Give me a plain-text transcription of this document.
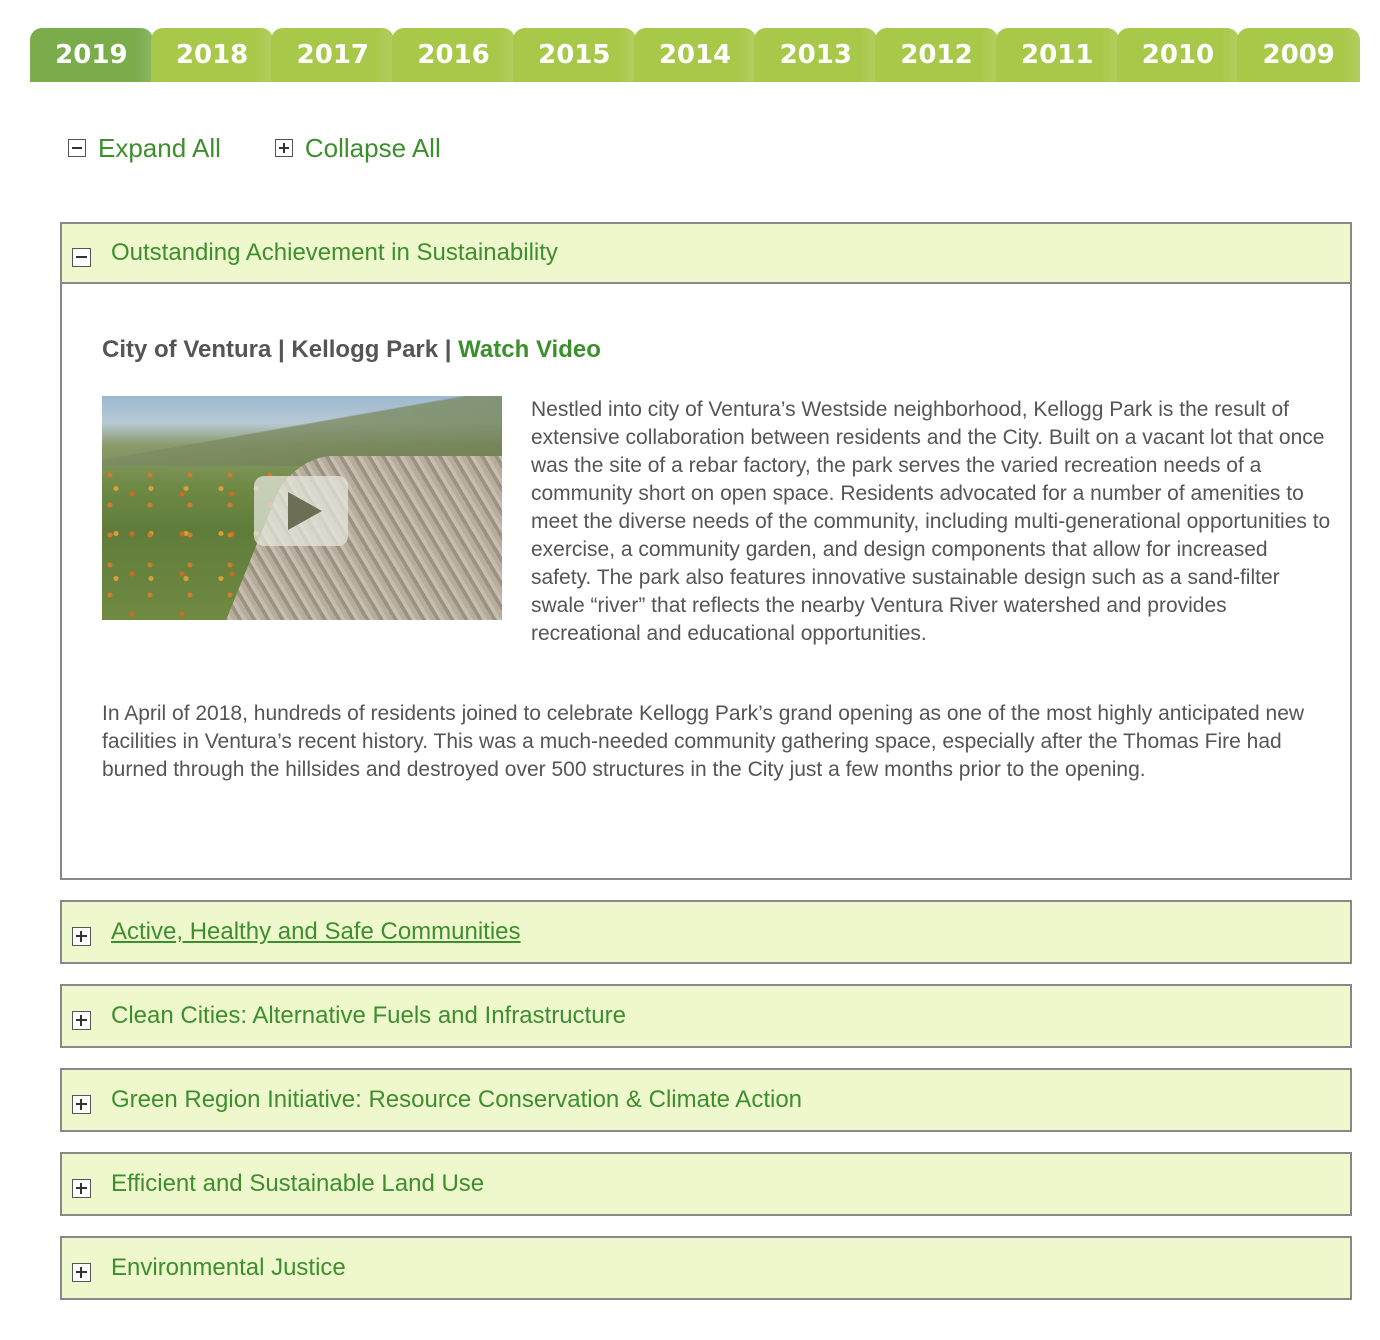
2019	2018	2017	2016	2015	2014	2013	2012	2011	2010	2009
Expand All	Collapse All
Outstanding Achievement in Sustainability
City of Ventura | Kellogg Park | Watch Video
Nestled into city of Ventura’s Westside neighborhood, Kellogg Park is the result of extensive collaboration between residents and the City. Built on a vacant lot that once was the site of a rebar factory, the park serves the varied recreation needs of a community short on open space. Residents advocated for a number of amenities to meet the diverse needs of the community, including multi-generational opportunities to exercise, a community garden, and design components that allow for increased safety. The park also features innovative sustainable design such as a sand-filter swale “river” that reflects the nearby Ventura River watershed and provides recreational and educational opportunities.
In April of 2018, hundreds of residents joined to celebrate Kellogg Park’s grand opening as one of the most highly anticipated new facilities in Ventura’s recent history. This was a much-needed community gathering space, especially after the Thomas Fire had burned through the hillsides and destroyed over 500 structures in the City just a few months prior to the opening.
Active, Healthy and Safe Communities
Clean Cities: Alternative Fuels and Infrastructure
Green Region Initiative: Resource Conservation & Climate Action
Efficient and Sustainable Land Use
Environmental Justice
